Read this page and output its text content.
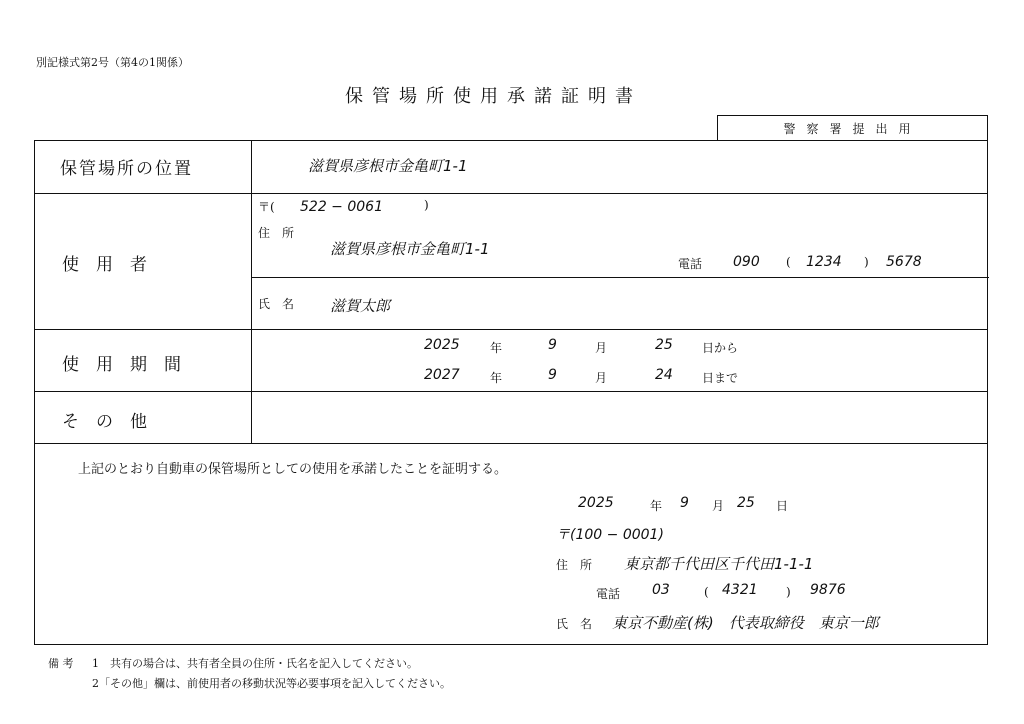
別記様式第2号（第4の1関係）
保管場所使用承諾証明書
警察署提出用
保管場所の位置	滋賀県彦根市金亀町1-1
使　用　者
〒( 522 − 0061	)
住　所
滋賀県彦根市金亀町1-1
電話 090 ( 1234 ) 5678
氏　名 滋賀太郎
使　用　期　間
2025	年	9	月	25 日から
2027	年	9	月	24 日まで
そ　の　他
上記のとおり自動車の保管場所としての使用を承諾したことを証明する。
2025	年 9 月 25 日
〒(100 − 0001)
住　所 東京都千代田区千代田1-1-1
電話 03	( 4321 ) 9876
氏　名 東京不動産(株)　代表取締役　東京一郎
備 考 1　共有の場合は、共有者全員の住所・氏名を記入してください。
2「その他」欄は、前使用者の移動状況等必要事項を記入してください。
